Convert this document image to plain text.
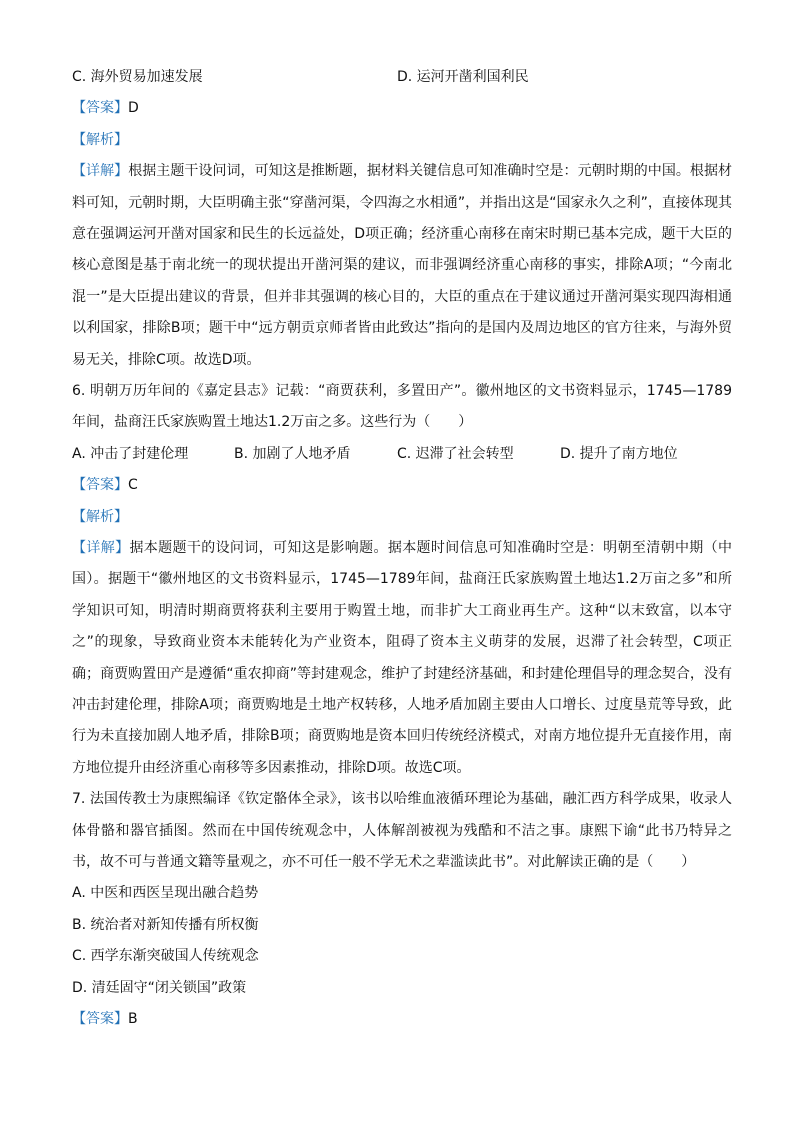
C. 海外贸易加速发展	D. 运河开凿利国利民
【答案】D
【解析】
【详解】根据主题干设问词，可知这是推断题，据材料关键信息可知准确时空是：元朝时期的中国。根据材料可知，元朝时期，大臣明确主张“穿凿河渠，令四海之水相通”，并指出这是“国家永久之利”，直接体现其意在强调运河开凿对国家和民生的长远益处，D项正确；经济重心南移在南宋时期已基本完成，题干大臣的核心意图是基于南北统一的现状提出开凿河渠的建议，而非强调经济重心南移的事实，排除A项；“今南北混一”是大臣提出建议的背景，但并非其强调的核心目的，大臣的重点在于建议通过开凿河渠实现四海相通以利国家，排除B项；题干中“远方朝贡京师者皆由此致达”指向的是国内及周边地区的官方往来，与海外贸易无关，排除C项。故选D项。
6. 明朝万历年间的《嘉定县志》记载：“商贾获利，多置田产”。徽州地区的文书资料显示，1745—1789年间，盐商汪氏家族购置土地达1.2万亩之多。这些行为（　　）
A. 冲击了封建伦理	B. 加剧了人地矛盾	C. 迟滞了社会转型	D. 提升了南方地位
【答案】C
【解析】
【详解】据本题题干的设问词，可知这是影响题。据本题时间信息可知准确时空是：明朝至清朝中期（中国）。据题干“徽州地区的文书资料显示，1745—1789年间，盐商汪氏家族购置土地达1.2万亩之多”和所学知识可知，明清时期商贾将获利主要用于购置土地，而非扩大工商业再生产。这种“以末致富，以本守之”的现象，导致商业资本未能转化为产业资本，阻碍了资本主义萌芽的发展，迟滞了社会转型，C项正确；商贾购置田产是遵循“重农抑商”等封建观念，维护了封建经济基础，和封建伦理倡导的理念契合，没有冲击封建伦理，排除A项；商贾购地是土地产权转移，人地矛盾加剧主要由人口增长、过度垦荒等导致，此行为未直接加剧人地矛盾，排除B项；商贾购地是资本回归传统经济模式，对南方地位提升无直接作用，南方地位提升由经济重心南移等多因素推动，排除D项。故选C项。
7. 法国传教士为康熙编译《钦定骼体全录》，该书以哈维血液循环理论为基础，融汇西方科学成果，收录人体骨骼和器官插图。然而在中国传统观念中，人体解剖被视为残酷和不洁之事。康熙下谕“此书乃特异之书，故不可与普通文籍等量观之，亦不可任一般不学无术之辈滥读此书”。对此解读正确的是（　　）
A. 中医和西医呈现出融合趋势
B. 统治者对新知传播有所权衡
C. 西学东渐突破国人传统观念
D. 清廷固守“闭关锁国”政策
【答案】B
